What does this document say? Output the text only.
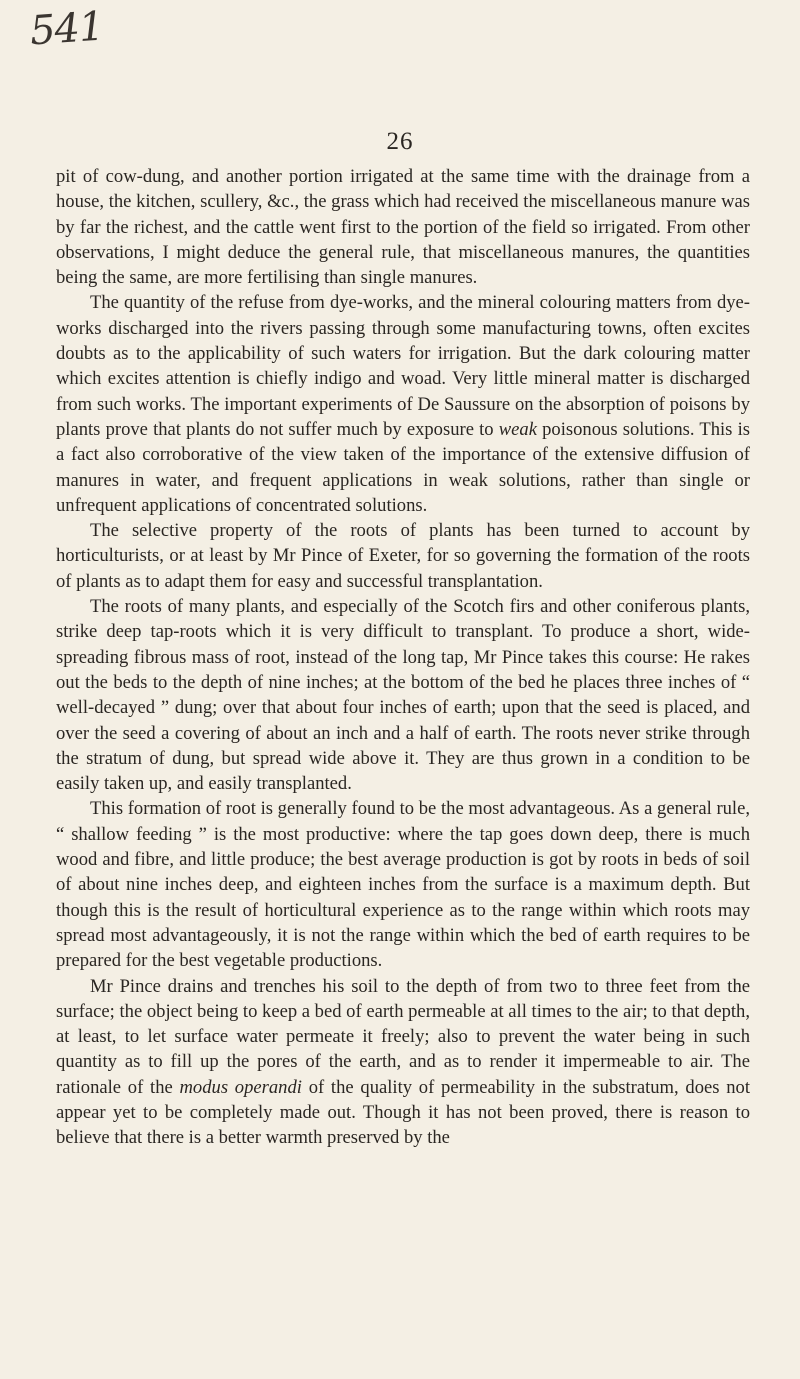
541
26

pit of cow-dung, and another portion irrigated at the same time with the drainage from a house, the kitchen, scullery, &c., the grass which had received the miscellaneous manure was by far the richest, and the cattle went first to the portion of the field so irrigated. From other observations, I might deduce the general rule, that miscellaneous manures, the quantities being the same, are more fertilising than single manures.

The quantity of the refuse from dye-works, and the mineral colouring matters from dye-works discharged into the rivers passing through some manufacturing towns, often excites doubts as to the applicability of such waters for irrigation. But the dark colouring matter which excites attention is chiefly indigo and woad. Very little mineral matter is discharged from such works. The important experiments of De Saussure on the absorption of poisons by plants prove that plants do not suffer much by exposure to weak poisonous solutions. This is a fact also corroborative of the view taken of the importance of the extensive diffusion of manures in water, and frequent applications in weak solutions, rather than single or unfrequent applications of concentrated solutions.

The selective property of the roots of plants has been turned to account by horticulturists, or at least by Mr Pince of Exeter, for so governing the formation of the roots of plants as to adapt them for easy and successful transplantation.

The roots of many plants, and especially of the Scotch firs and other coniferous plants, strike deep tap-roots which it is very difficult to transplant. To produce a short, wide-spreading fibrous mass of root, instead of the long tap, Mr Pince takes this course: He rakes out the beds to the depth of nine inches; at the bottom of the bed he places three inches of “ well-decayed ” dung; over that about four inches of earth; upon that the seed is placed, and over the seed a covering of about an inch and a half of earth. The roots never strike through the stratum of dung, but spread wide above it. They are thus grown in a condition to be easily taken up, and easily transplanted.

This formation of root is generally found to be the most advantageous. As a general rule, “ shallow feeding ” is the most productive: where the tap goes down deep, there is much wood and fibre, and little produce; the best average production is got by roots in beds of soil of about nine inches deep, and eighteen inches from the surface is a maximum depth. But though this is the result of horticultural experience as to the range within which roots may spread most advantageously, it is not the range within which the bed of earth requires to be prepared for the best vegetable productions.

Mr Pince drains and trenches his soil to the depth of from two to three feet from the surface; the object being to keep a bed of earth permeable at all times to the air; to that depth, at least, to let surface water permeate it freely; also to prevent the water being in such quantity as to fill up the pores of the earth, and as to render it impermeable to air. The rationale of the modus operandi of the quality of permeability in the substratum, does not appear yet to be completely made out. Though it has not been proved, there is reason to believe that there is a better warmth preserved by the
